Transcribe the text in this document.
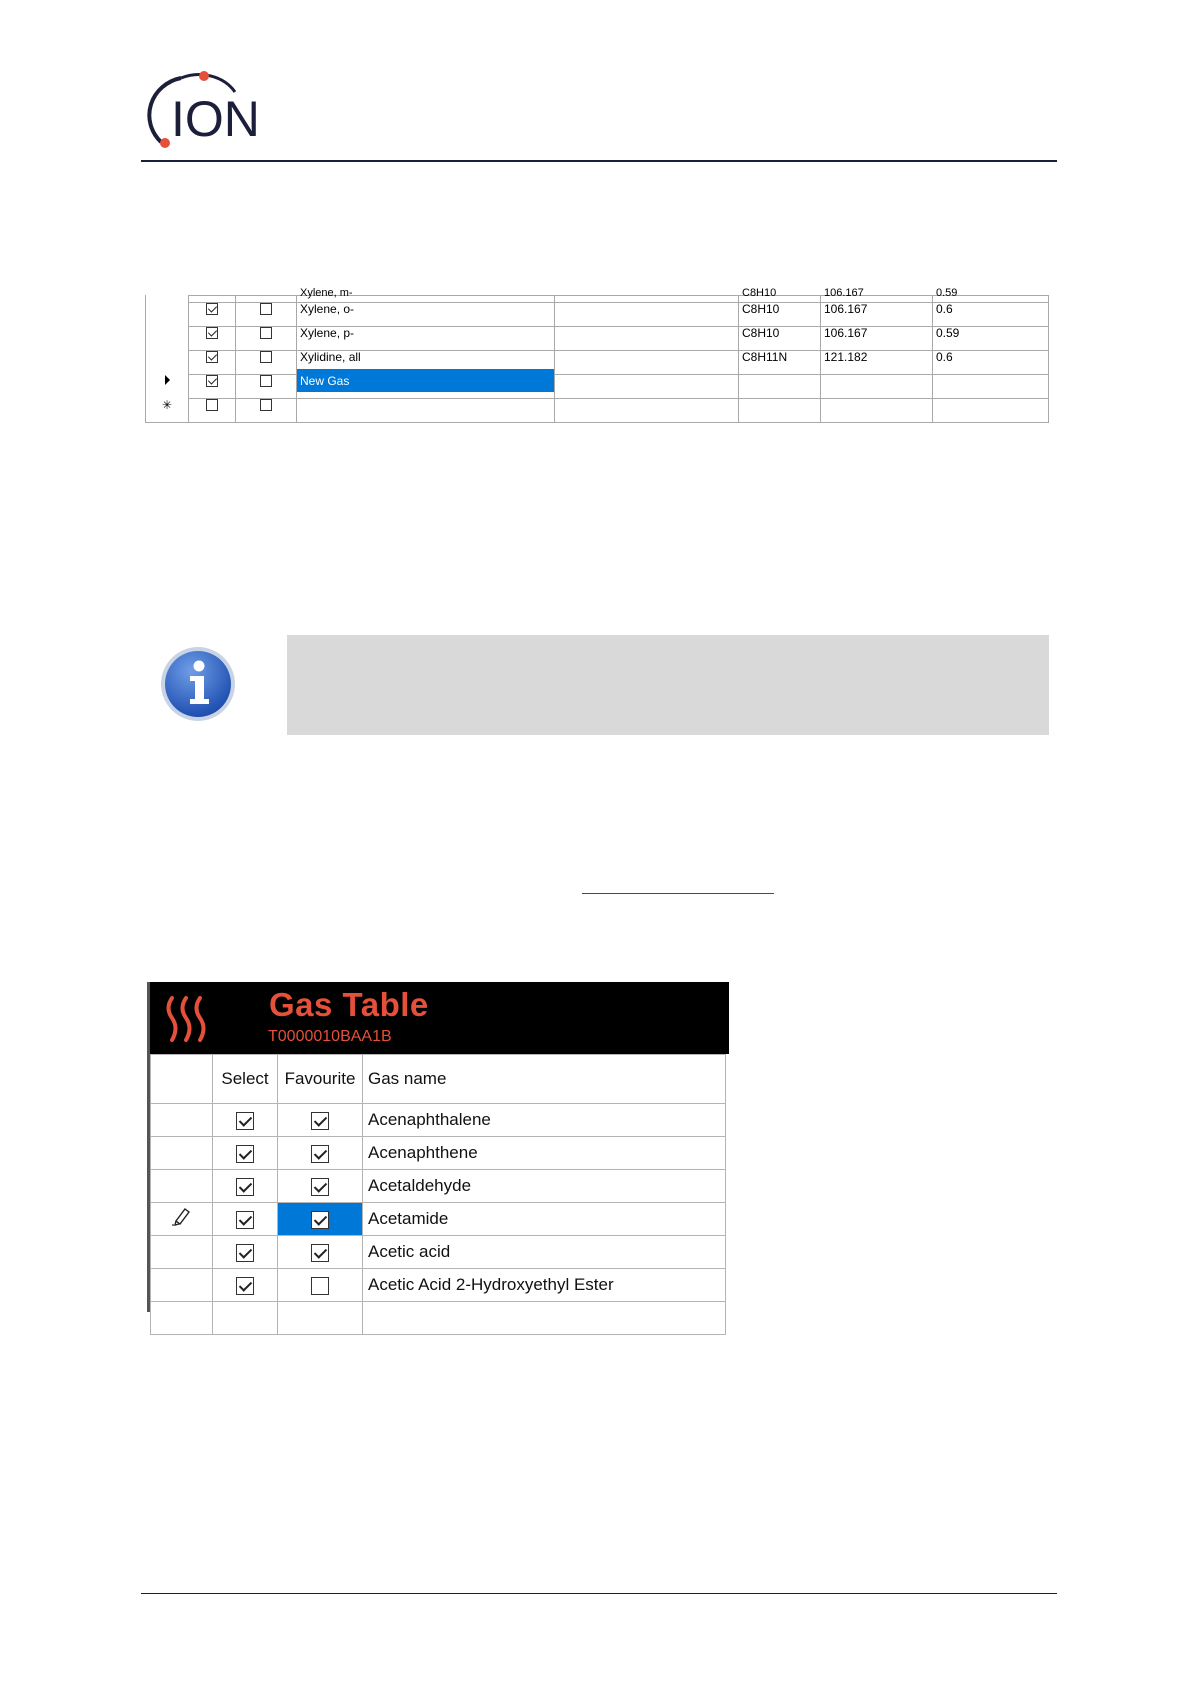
ION
			Xylene, m-		C8H10	106.167	0.59
			Xylene, o-		C8H10	106.167	0.6
			Xylene, p-		C8H10	106.167	0.59
			Xylidine, all		C8H11N	121.182	0.6
			New Gas				
✳							
Gas Table
T0000010BAA1B
	Select	Favourite	Gas name
			Acenaphthalene
			Acenaphthene
			Acetaldehyde
			Acetamide
			Acetic acid
			Acetic Acid 2-Hydroxyethyl Ester
